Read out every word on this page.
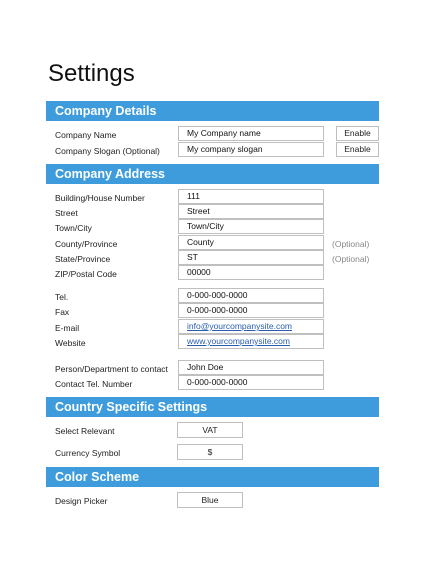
Settings
Company Details
Company Name	My Company name	Enable
Company Slogan (Optional)	My company slogan	Enable
Company Address
Building/House Number	111
Street	Street
Town/City	Town/City
County/Province	County	(Optional)
State/Province	ST	(Optional)
ZIP/Postal Code	00000
Tel.	0-000-000-0000
Fax	0-000-000-0000
E-mail	info@yourcompanysite.com
Website	www.yourcompanysite.com
Person/Department to contact	John Doe
Contact Tel. Number	0-000-000-0000
Country Specific Settings
Select Relevant	VAT
Currency Symbol	$
Color Scheme
Design Picker	Blue
